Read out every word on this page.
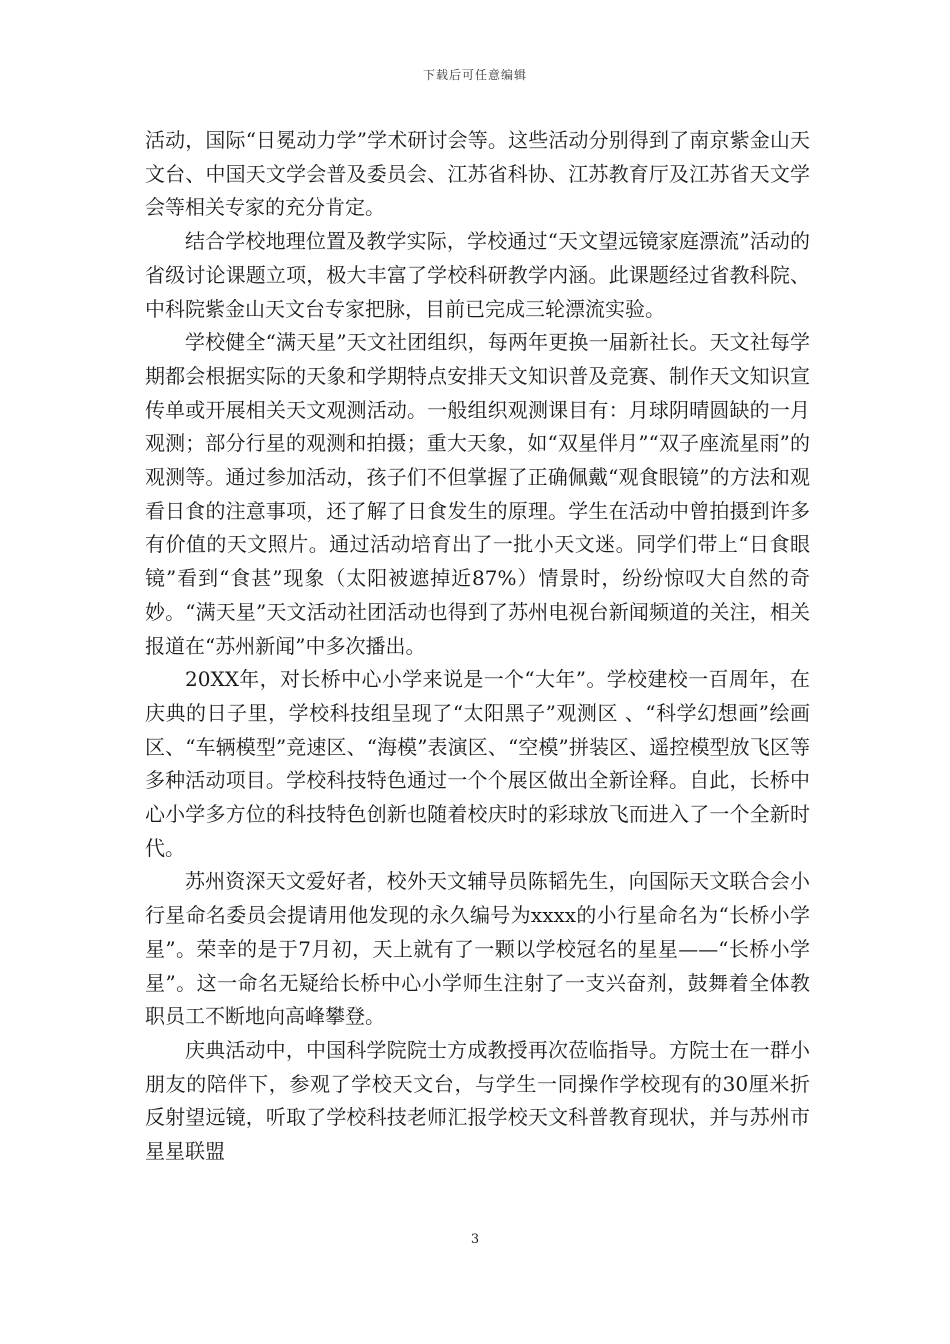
下载后可任意编辑

活动，国际“日冕动力学”学术研讨会等。这些活动分别得到了南京紫金山天文台、中国天文学会普及委员会、江苏省科协、江苏教育厅及江苏省天文学会等相关专家的充分肯定。

结合学校地理位置及教学实际，学校通过“天文望远镜家庭漂流”活动的省级讨论课题立项，极大丰富了学校科研教学内涵。此课题经过省教科院、中科院紫金山天文台专家把脉，目前已完成三轮漂流实验。

学校健全“满天星”天文社团组织，每两年更换一届新社长。天文社每学期都会根据实际的天象和学期特点安排天文知识普及竞赛、制作天文知识宣传单或开展相关天文观测活动。一般组织观测课目有：月球阴晴圆缺的一月观测；部分行星的观测和拍摄；重大天象，如“双星伴月”“双子座流星雨”的观测等。通过参加活动，孩子们不但掌握了正确佩戴“观食眼镜”的方法和观看日食的注意事项，还了解了日食发生的原理。学生在活动中曾拍摄到许多有价值的天文照片。通过活动培育出了一批小天文迷。同学们带上“日食眼镜”看到“食甚”现象（太阳被遮掉近87%）情景时，纷纷惊叹大自然的奇妙。“满天星”天文活动社团活动也得到了苏州电视台新闻频道的关注，相关报道在“苏州新闻”中多次播出。

20XX年，对长桥中心小学来说是一个“大年”。学校建校一百周年，在庆典的日子里，学校科技组呈现了“太阳黑子”观测区 、“科学幻想画”绘画区、“车辆模型”竞速区、“海模”表演区、“空模”拼装区、遥控模型放飞区等多种活动项目。学校科技特色通过一个个展区做出全新诠释。自此，长桥中心小学多方位的科技特色创新也随着校庆时的彩球放飞而进入了一个全新时代。

苏州资深天文爱好者，校外天文辅导员陈韬先生，向国际天文联合会小行星命名委员会提请用他发现的永久编号为xxxx的小行星命名为“长桥小学星”。荣幸的是于7月初，天上就有了一颗以学校冠名的星星——“长桥小学星”。这一命名无疑给长桥中心小学师生注射了一支兴奋剂，鼓舞着全体教职员工不断地向高峰攀登。

庆典活动中，中国科学院院士方成教授再次莅临指导。方院士在一群小朋友的陪伴下，参观了学校天文台，与学生一同操作学校现有的30厘米折反射望远镜，听取了学校科技老师汇报学校天文科普教育现状，并与苏州市星星联盟

3
